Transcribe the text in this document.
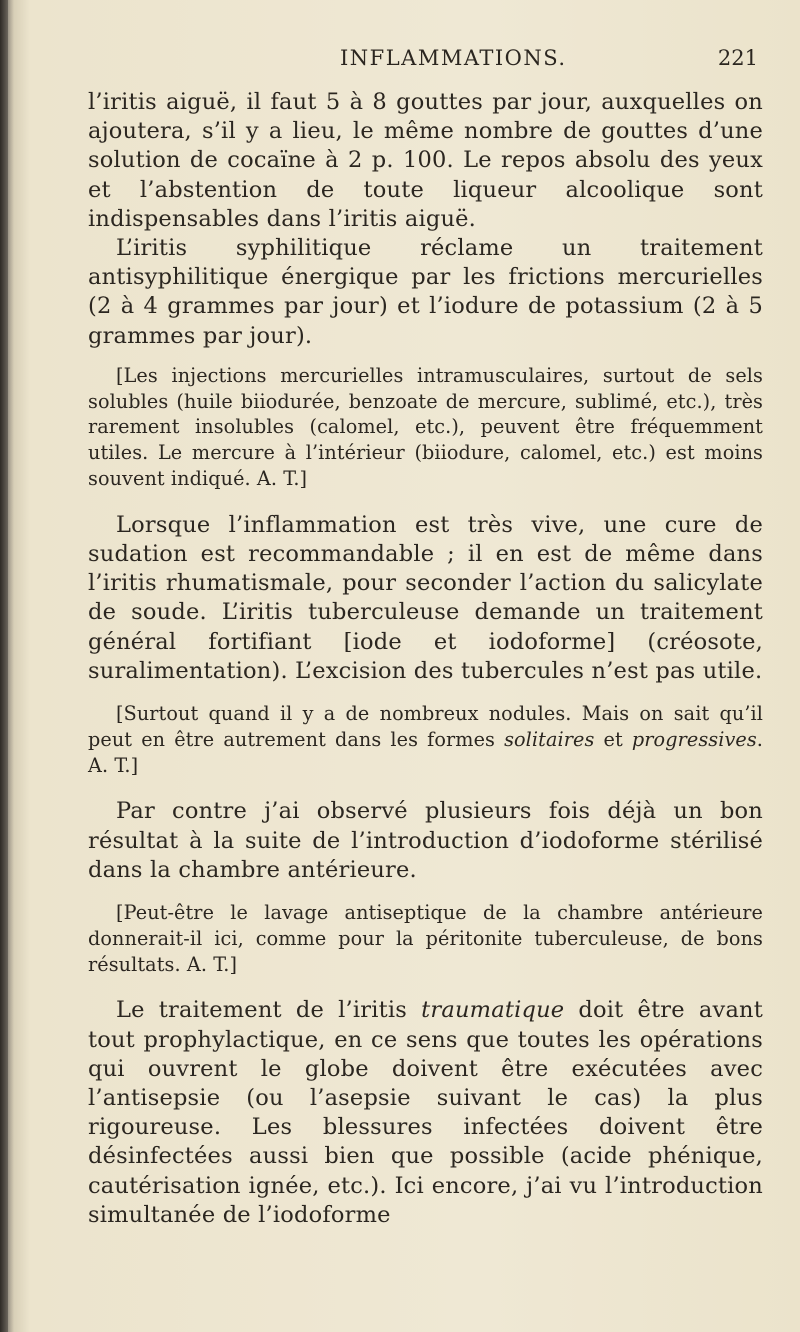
INFLAMMATIONS.	221

l’iritis aiguë, il faut 5 à 8 gouttes par jour, auxquelles on ajoutera, s’il y a lieu, le même nombre de gouttes d’une solution de cocaïne à 2 p. 100. Le repos absolu des yeux et l’abstention de toute liqueur alcoolique sont indispensables dans l’iritis aiguë.

L’iritis syphilitique réclame un traitement antisyphilitique énergique par les frictions mercurielles (2 à 4 grammes par jour) et l’iodure de potassium (2 à 5 grammes par jour).

[Les injections mercurielles intramusculaires, surtout de sels solubles (huile biiodurée, benzoate de mercure, sublimé, etc.), très rarement insolubles (calomel, etc.), peuvent être fréquemment utiles. Le mercure à l’intérieur (biiodure, calomel, etc.) est moins souvent indiqué. A. T.]

Lorsque l’inflammation est très vive, une cure de sudation est recommandable ; il en est de même dans l’iritis rhumatismale, pour seconder l’action du salicylate de soude. L’iritis tuberculeuse demande un traitement général fortifiant [iode et iodoforme] (créosote, suralimentation). L’excision des tubercules n’est pas utile.

[Surtout quand il y a de nombreux nodules. Mais on sait qu’il peut en être autrement dans les formes solitaires et progressives. A. T.]

Par contre j’ai observé plusieurs fois déjà un bon résultat à la suite de l’introduction d’iodoforme stérilisé dans la chambre antérieure.

[Peut-être le lavage antiseptique de la chambre antérieure donnerait-il ici, comme pour la péritonite tuberculeuse, de bons résultats. A. T.]

Le traitement de l’iritis traumatique doit être avant tout prophylactique, en ce sens que toutes les opérations qui ouvrent le globe doivent être exécutées avec l’antisepsie (ou l’asepsie suivant le cas) la plus rigoureuse. Les blessures infectées doivent être désinfectées aussi bien que possible (acide phénique, cautérisation ignée, etc.). Ici encore, j’ai vu l’introduction simultanée de l’iodoforme
